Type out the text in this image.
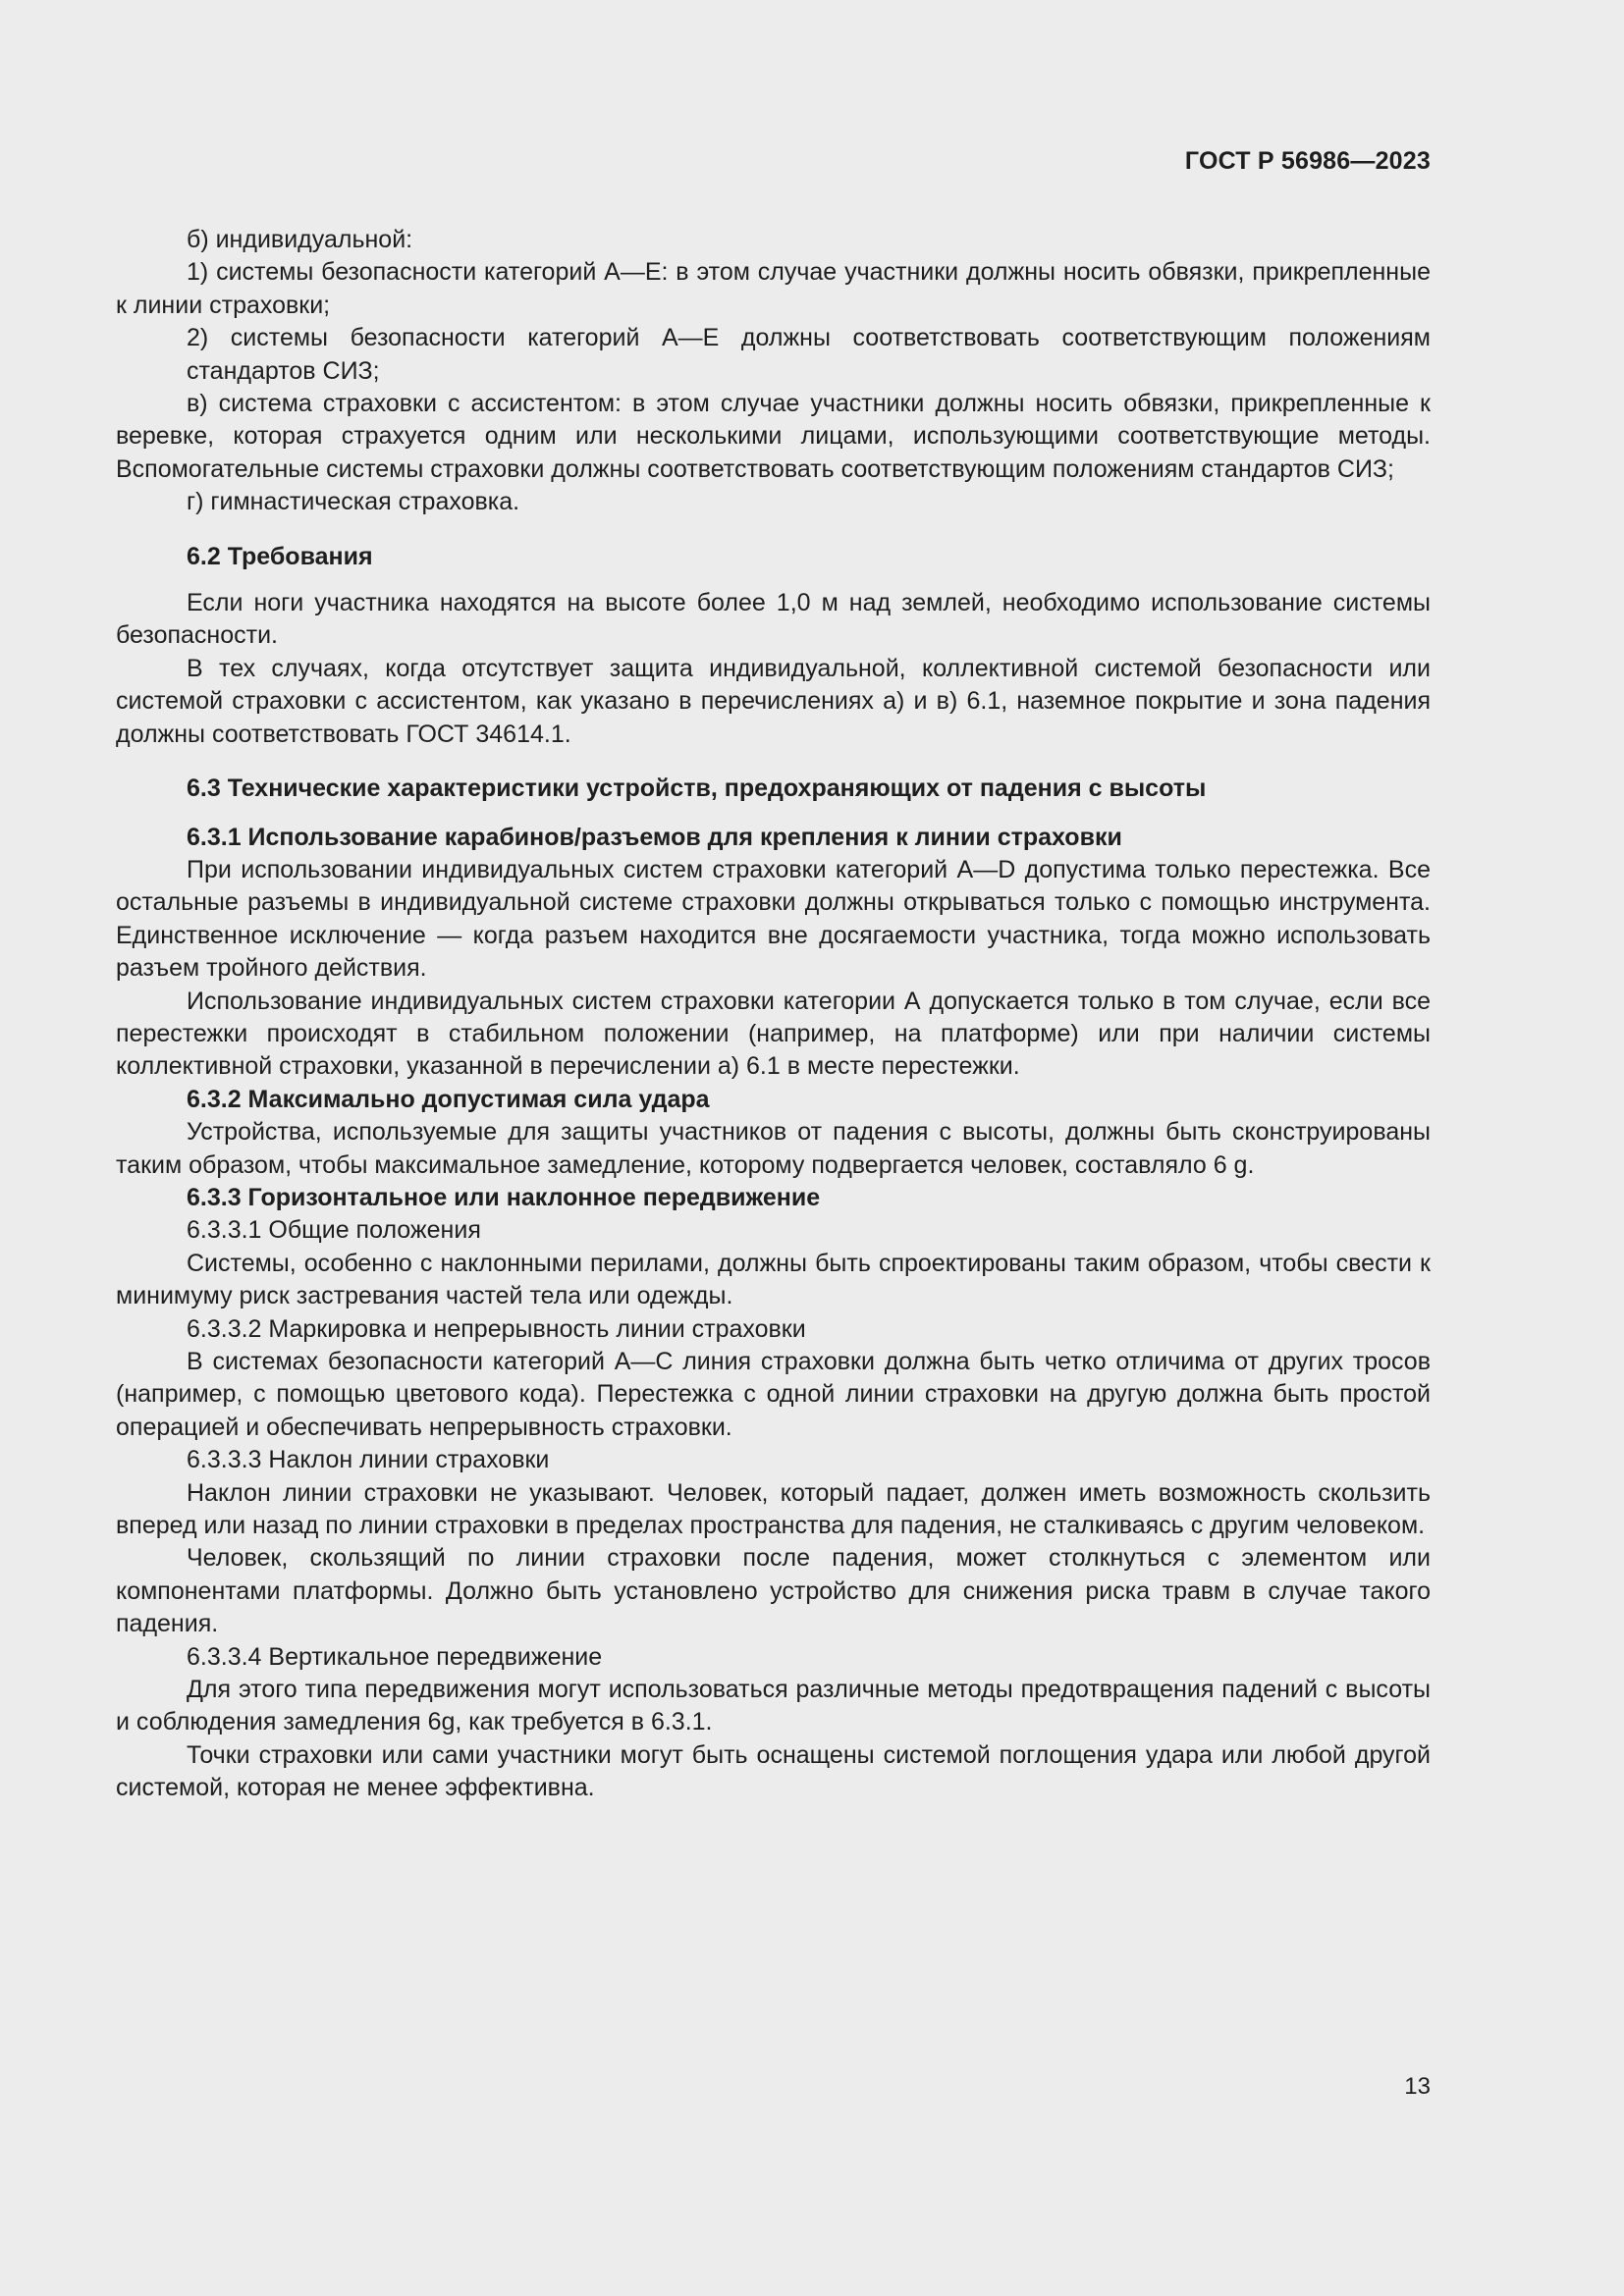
ГОСТ Р 56986—2023

б) индивидуальной:

1) системы безопасности категорий А—Е: в этом случае участники должны носить обвязки, прикрепленные к линии страховки;

2) системы безопасности категорий А—Е должны соответствовать соответствующим положениям стандартов СИЗ;

в) система страховки с ассистентом: в этом случае участники должны носить обвязки, прикрепленные к веревке, которая страхуется одним или несколькими лицами, использующими соответствующие методы. Вспомогательные системы страховки должны соответствовать соответствующим положениям стандартов СИЗ;

г) гимнастическая страховка.

6.2 Требования

Если ноги участника находятся на высоте более 1,0 м над землей, необходимо использование системы безопасности.

В тех случаях, когда отсутствует защита индивидуальной, коллективной системой безопасности или системой страховки с ассистентом, как указано в перечислениях а) и в) 6.1, наземное покрытие и зона падения должны соответствовать ГОСТ 34614.1.

6.3 Технические характеристики устройств, предохраняющих от падения с высоты

6.3.1 Использование карабинов/разъемов для крепления к линии страховки

При использовании индивидуальных систем страховки категорий А—D допустима только перестежка. Все остальные разъемы в индивидуальной системе страховки должны открываться только с помощью инструмента. Единственное исключение — когда разъем находится вне досягаемости участника, тогда можно использовать разъем тройного действия.

Использование индивидуальных систем страховки категории А допускается только в том случае, если все перестежки происходят в стабильном положении (например, на платформе) или при наличии системы коллективной страховки, указанной в перечислении а) 6.1 в месте перестежки.

6.3.2 Максимально допустимая сила удара

Устройства, используемые для защиты участников от падения с высоты, должны быть сконструированы таким образом, чтобы максимальное замедление, которому подвергается человек, составляло 6 g.

6.3.3 Горизонтальное или наклонное передвижение

6.3.3.1 Общие положения

Системы, особенно с наклонными перилами, должны быть спроектированы таким образом, чтобы свести к минимуму риск застревания частей тела или одежды.

6.3.3.2 Маркировка и непрерывность линии страховки

В системах безопасности категорий А—С линия страховки должна быть четко отличима от других тросов (например, с помощью цветового кода). Перестежка с одной линии страховки на другую должна быть простой операцией и обеспечивать непрерывность страховки.

6.3.3.3 Наклон линии страховки

Наклон линии страховки не указывают. Человек, который падает, должен иметь возможность скользить вперед или назад по линии страховки в пределах пространства для падения, не сталкиваясь с другим человеком.

Человек, скользящий по линии страховки после падения, может столкнуться с элементом или компонентами платформы. Должно быть установлено устройство для снижения риска травм в случае такого падения.

6.3.3.4 Вертикальное передвижение

Для этого типа передвижения могут использоваться различные методы предотвращения падений с высоты и соблюдения замедления 6g, как требуется в 6.3.1.

Точки страховки или сами участники могут быть оснащены системой поглощения удара или любой другой системой, которая не менее эффективна.

13
